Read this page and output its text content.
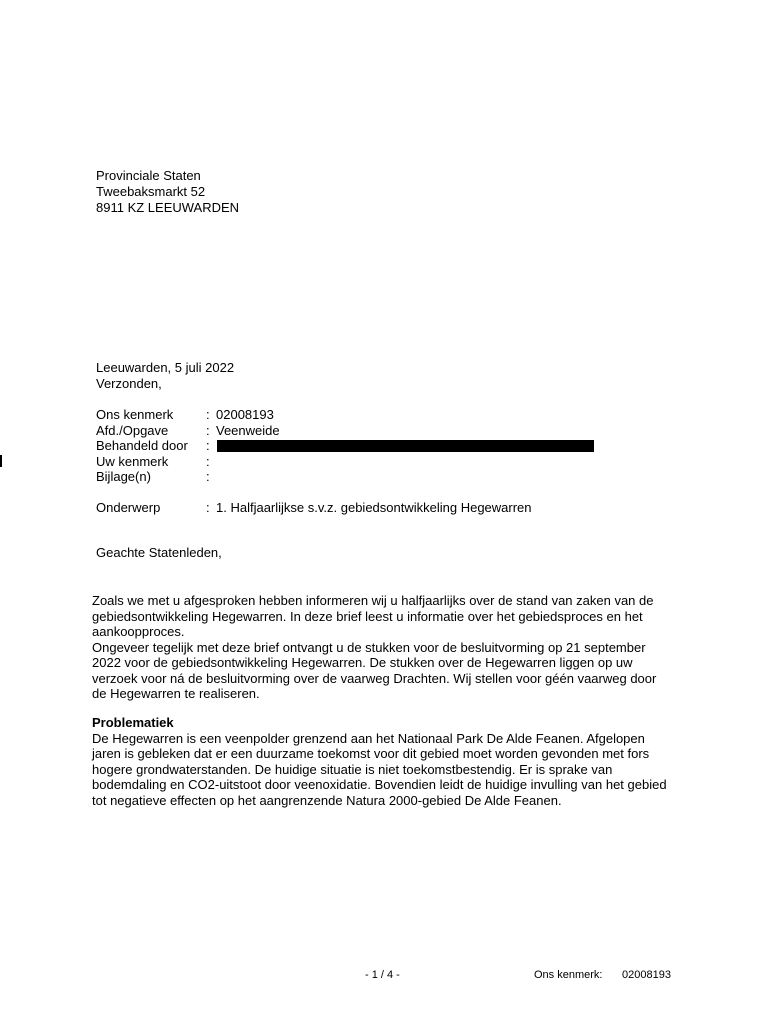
Provinciale Staten
Tweebaksmarkt 52
8911 KZ LEEUWARDEN
Leeuwarden, 5 juli 2022
Verzonden,
Ons kenmerk	: 02008193
Afd./Opgave	: Veenweide
Behandeld door :
Uw kenmerk	:
Bijlage(n)	:
Onderwerp	: 1. Halfjaarlijkse s.v.z. gebiedsontwikkeling Hegewarren
Geachte Statenleden,

Zoals we met u afgesproken hebben informeren wij u halfjaarlijks over de stand van zaken van de gebiedsontwikkeling Hegewarren. In deze brief leest u informatie over het gebiedsproces en het aankoopproces.

Ongeveer tegelijk met deze brief ontvangt u de stukken voor de besluitvorming op 21 september 2022 voor de gebiedsontwikkeling Hegewarren. De stukken over de Hegewarren liggen op uw verzoek voor ná de besluitvorming over de vaarweg Drachten. Wij stellen voor géén vaarweg door de Hegewarren te realiseren.

Problematiek

De Hegewarren is een veenpolder grenzend aan het Nationaal Park De Alde Feanen. Afgelopen jaren is gebleken dat er een duurzame toekomst voor dit gebied moet worden gevonden met fors hogere grondwaterstanden. De huidige situatie is niet toekomstbestendig. Er is sprake van bodemdaling en CO2-uitstoot door veenoxidatie. Bovendien leidt de huidige invulling van het gebied tot negatieve effecten op het aangrenzende Natura 2000-gebied De Alde Feanen.

- 1 / 4 -	Ons kenmerk: 02008193
